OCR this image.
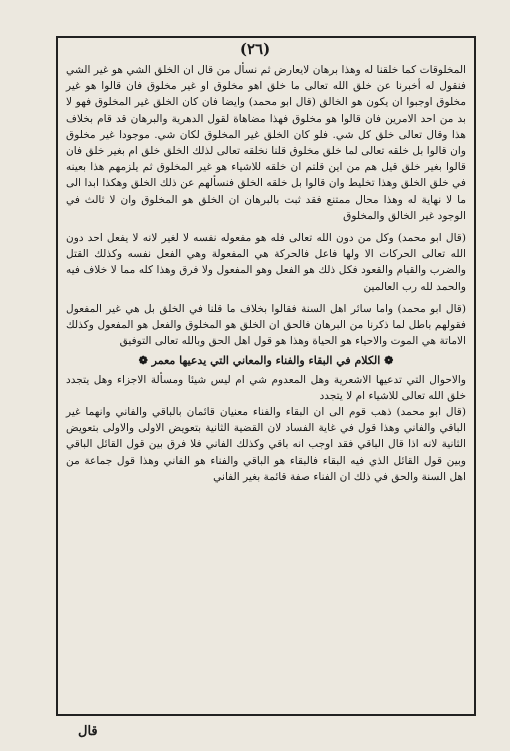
(٢٦)

المخلوقات كما خلقنا له وهذا برهان لايعارض ثم نسأل من قال ان الخلق الشي هو غير الشي فنقول له أخبرنا عن خلق الله تعالى ما خلق اهو مخلوق او غير مخلوق فان قالوا هو غير مخلوق اوجبوا ان يكون هو الخالق (قال ابو محمد) وايضا فان كان الخلق غير المخلوق فهو لا بد من احد الامرين فان قالوا هو مخلوق فهذا مضاهاة لقول الدهرية والبرهان قد قام بخلاف هذا وقال تعالى خلق كل شي. فلو كان الخلق غير المخلوق لكان شي. موجودا غير مخلوق وان قالوا بل خلقه تعالى لما خلق مخلوق قلنا نخلقه تعالى لذلك الخلق خلق ام بغير خلق فان قالوا بغير خلق قيل هم من اين قلتم ان خلقه للاشياء هو غير المخلوق ثم يلزمهم هذا بعينه في خلق الخلق وهذا تخليط وان قالوا بل خلقه الخلق فنسألهم عن ذلك الخلق وهكذا ابدا الى ما لا نهاية له وهذا محال ممتنع فقد ثبت بالبرهان ان الخلق هو المخلوق وان لا ثالث في الوجود غير الخالق والمخلوق

(قال ابو محمد) وكل من دون الله تعالى فله هو مفعوله نفسه لا لغير لانه لا يفعل احد دون الله تعالى الحركات الا ولها فاعل فالحركة هي المفعولة وهي الفعل نفسه وكذلك القتل والضرب والقيام والقعود فكل ذلك هو الفعل وهو المفعول ولا فرق وهذا كله مما لا خلاف فيه والحمد لله رب العالمين

(قال ابو محمد) واما سائر اهل السنة فقالوا بخلاف ما قلنا في الخلق بل هي غير المفعول فقولهم باطل لما ذكرنا من البرهان فالحق ان الخلق هو المخلوق والفعل هو المفعول وكذلك الاماتة هي الموت والاحياء هو الحياة وهذا هو قول اهل الحق وبالله تعالى التوفيق

❁ الكلام في البقاء والفناء والمعاني التي يدعيها معمر ❁

والاحوال التي تدعيها الاشعرية وهل المعدوم شي ام ليس شيئا ومسألة الاجزاء وهل يتجدد خلق الله تعالى للاشياء ام لا يتجدد

(قال ابو محمد) ذهب قوم الى ان البقاء والفناء معنيان قائمان بالباقي والفاني وانهما غير الباقي والفاني وهذا قول في غاية الفساد لان القضية الثانية بتعويض الاولى والاولى بتعويض الثانية لانه اذا قال الباقي فقد اوجب انه باقي وكذلك الفاني فلا فرق بين قول القائل الباقي وبين قول القائل الذي فيه البقاء فالبقاء هو الباقي والفناء هو الفاني وهذا قول جماعة من اهل السنة والحق في ذلك ان الفناء صفة قائمة بغير الفاني

قال
